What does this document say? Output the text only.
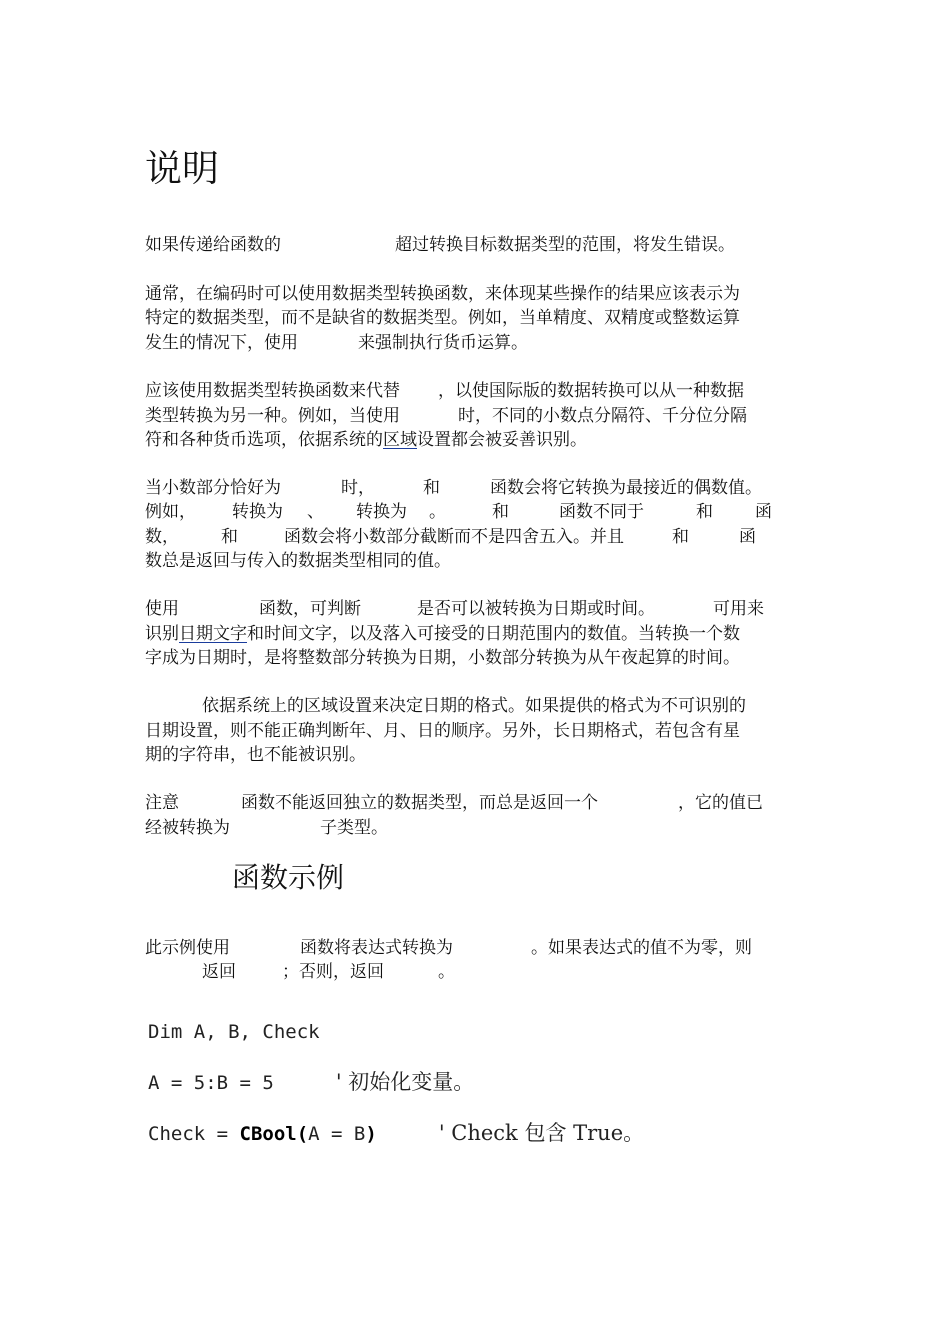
说明
如果传递给函数的	超过转换目标数据类型的范围，将发生错误。
通常，在编码时可以使用数据类型转换函数，来体现某些操作的结果应该表示为
特定的数据类型，而不是缺省的数据类型。例如，当单精度、双精度或整数运算
发生的情况下，使用	来强制执行货币运算。
应该使用数据类型转换函数来代替 ，以使国际版的数据转换可以从一种数据
类型转换为另一种。例如，当使用	时，不同的小数点分隔符、千分位分隔
符和各种货币选项，依据系统的区域设置都会被妥善识别。
当小数部分恰好为	时，	和	函数会将它转换为最接近的偶数值。
例如， 转换为 、 转换为 。	和	函数不同于	和 函
数， 和	函数会将小数部分截断而不是四舍五入。并且	和	函
数总是返回与传入的数据类型相同的值。
使用	函数，可判断	是否可以被转换为日期或时间。	可用来
识别日期文字和时间文字，以及落入可接受的日期范围内的数值。当转换一个数
字成为日期时，是将整数部分转换为日期，小数部分转换为从午夜起算的时间。
依据系统上的区域设置来决定日期的格式。如果提供的格式为不可识别的
日期设置，则不能正确判断年、月、日的顺序。另外，长日期格式，若包含有星
期的字符串，也不能被识别。
注意	函数不能返回独立的数据类型，而总是返回一个	，它的值已
经被转换为	子类型。
函数示例
此示例使用	函数将表达式转换为	。如果表达式的值不为零，则
返回	；否则，返回	。
Dim A, B, Check
A = 5:B = 5	' 初始化变量。
Check = CBool(A = B)	' Check 包含 True。
